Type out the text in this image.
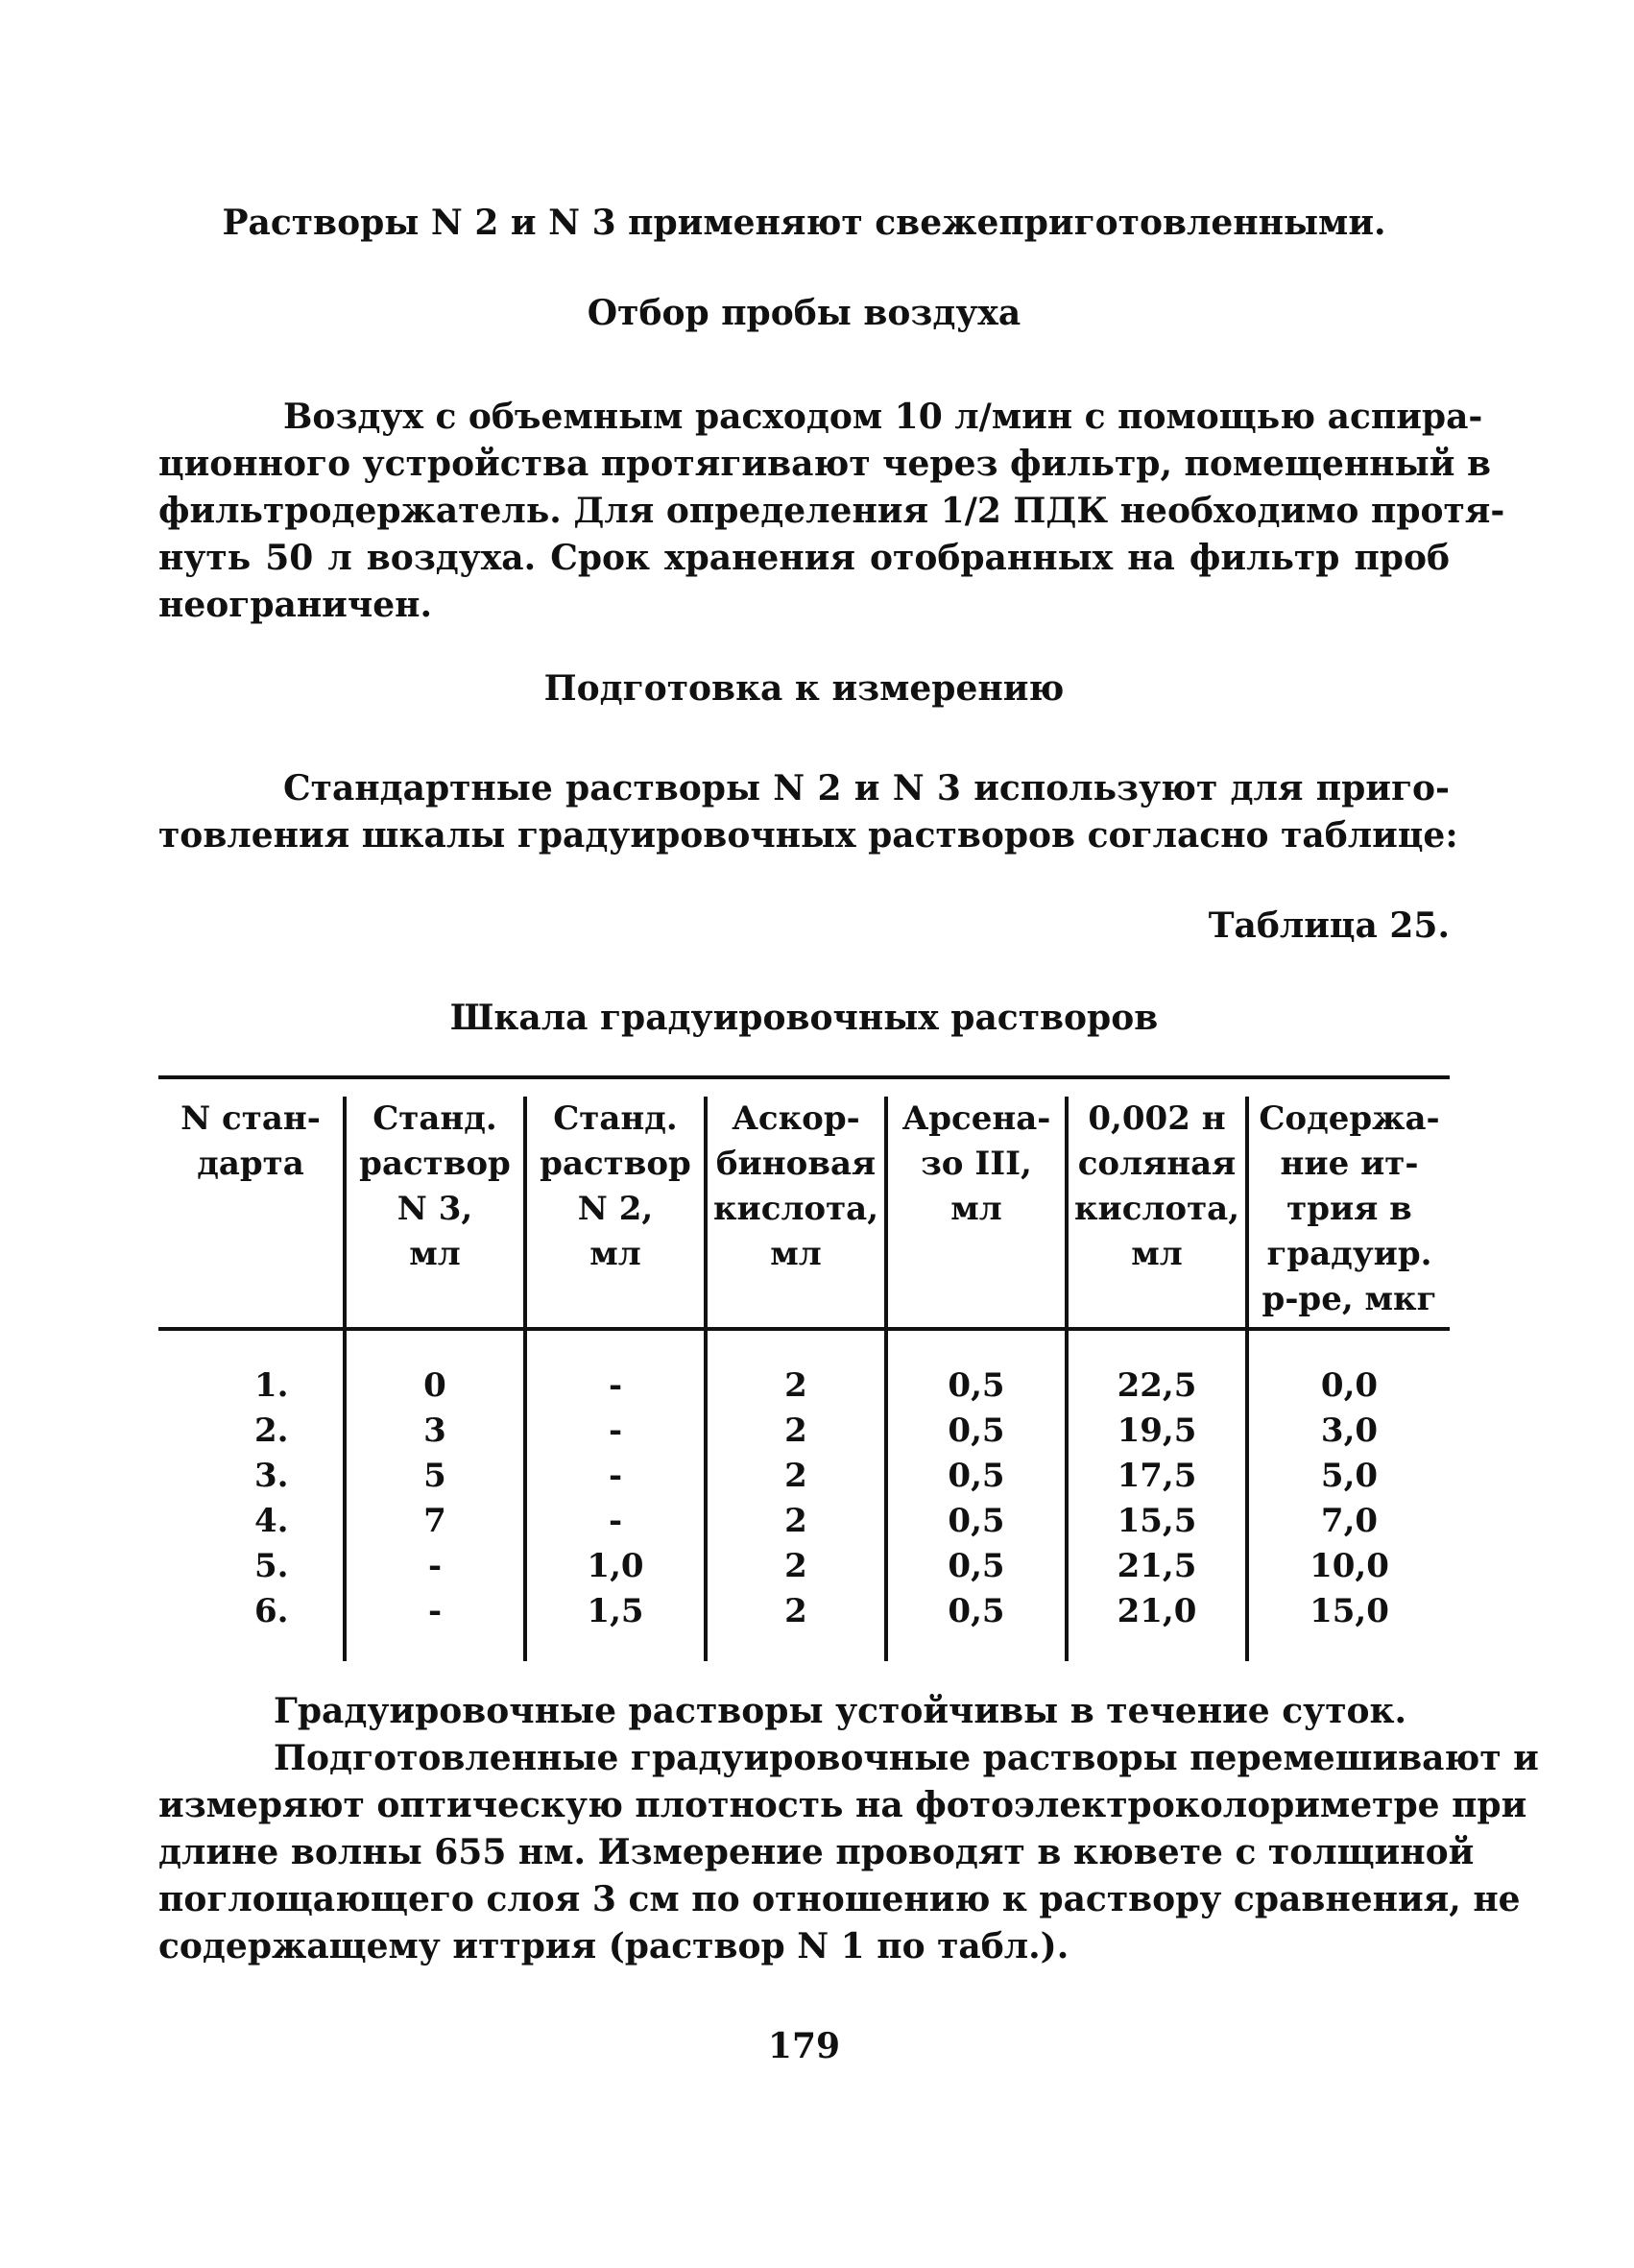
Растворы N 2 и N 3 применяют свежеприготовленными.
Отбор пробы воздуха
Воздух с объемным расходом 10 л/мин с помощью аспира-
ционного устройства протягивают через фильтр, помещенный в
фильтродержатель. Для определения 1/2 ПДК необходимо протя-
нуть 50 л воздуха. Срок хранения отобранных на фильтр проб
неограничен.
Подготовка к измерению
Стандартные растворы N 2 и N 3 используют для приго-
товления шкалы градуировочных растворов согласно таблице:
Таблица 25.
Шкала градуировочных растворов
N стан-
дарта
Станд.
раствор
N 3,
мл
Станд.
раствор
N 2,
мл
Аскор-
биновая
кислота,
мл
Арсена-
зо III,
мл
0,002 н
соляная
кислота,
мл
Содержа-
ние ит-
трия в
градуир.
р-ре, мкг
1.
2.
3.
4.
5.
6.
0
3
5
7
-
-
-
-
-
-
1,0
1,5
2
2
2
2
2
2
0,5
0,5
0,5
0,5
0,5
0,5
22,5
19,5
17,5
15,5
21,5
21,0
0,0
3,0
5,0
7,0
10,0
15,0
Градуировочные растворы устойчивы в течение суток.
Подготовленные градуировочные растворы перемешивают и
измеряют оптическую плотность на фотоэлектроколориметре при
длине волны 655 нм. Измерение проводят в кювете с толщиной
поглощающего слоя 3 см по отношению к раствору сравнения, не
содержащему иттрия (раствор N 1 по табл.).
179
